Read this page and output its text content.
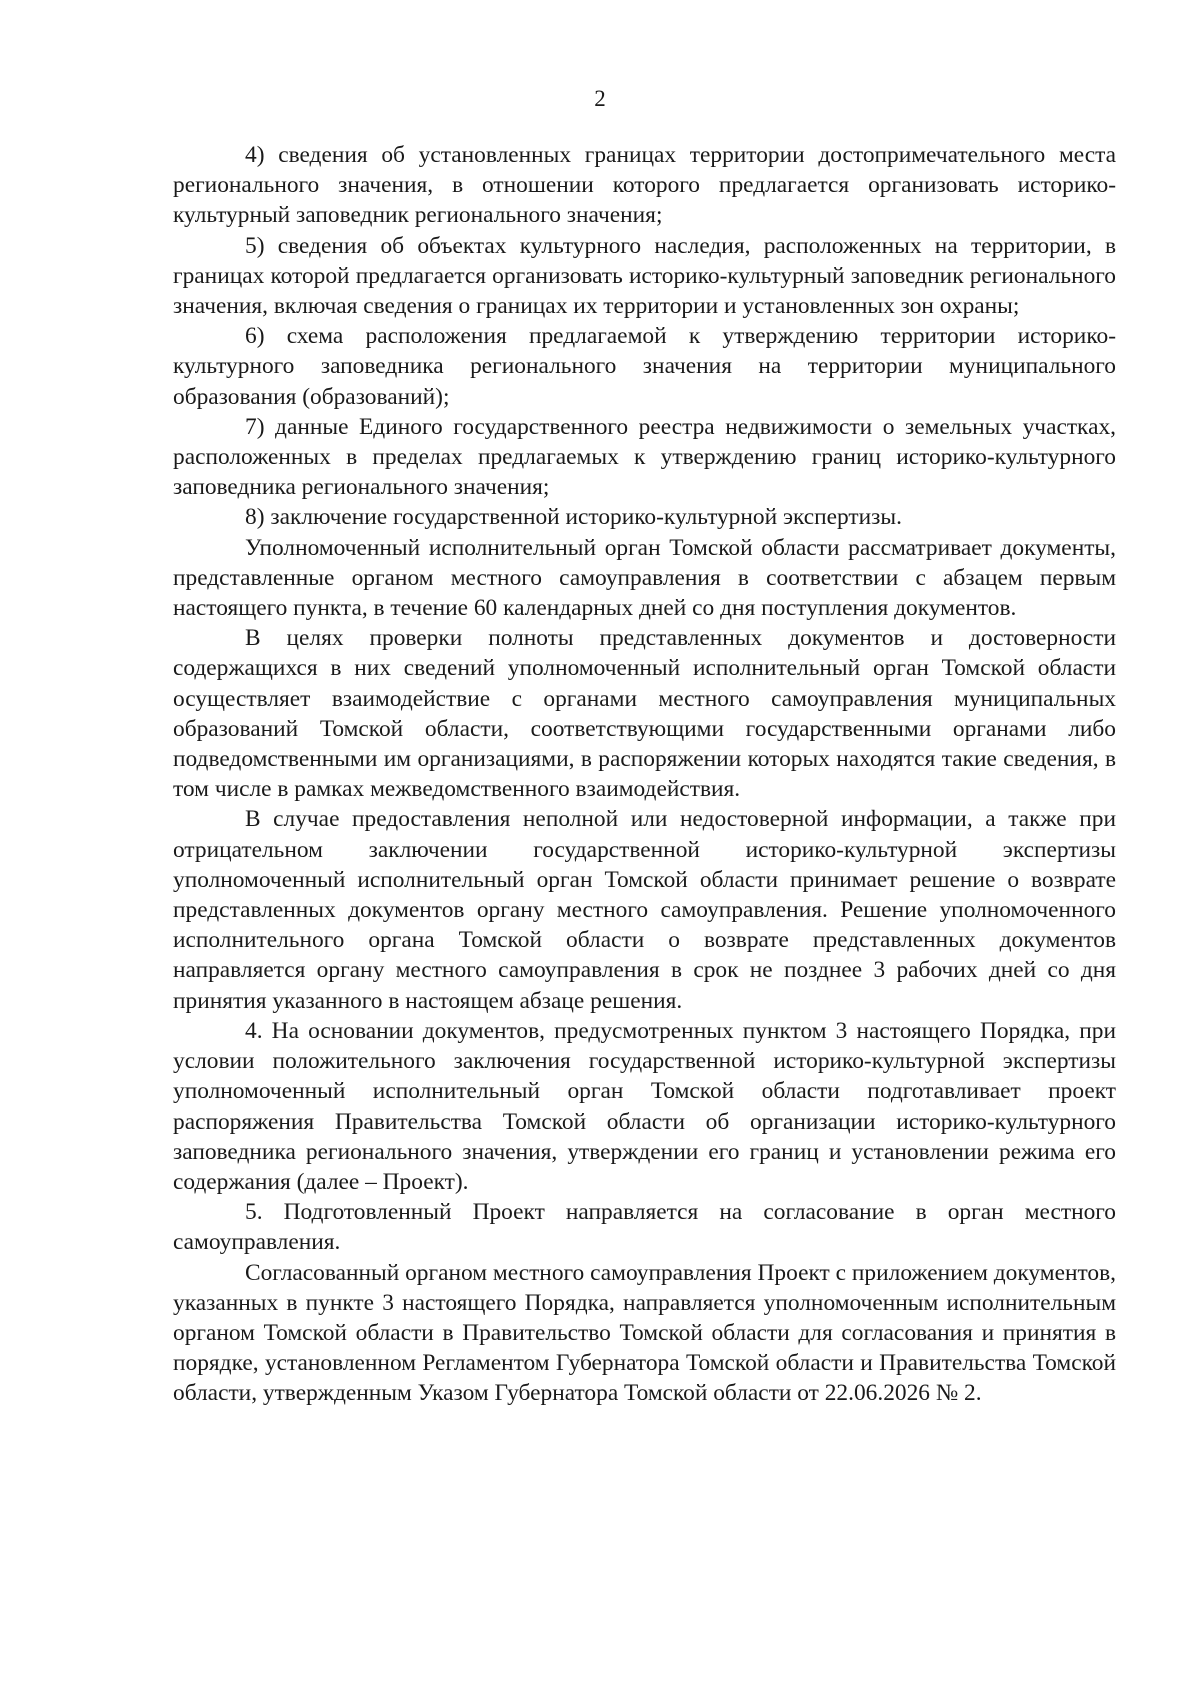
2

4) сведения об установленных границах территории достопримечательного места регионального значения, в отношении которого предлагается организовать историко-культурный заповедник регионального значения;

5) сведения об объектах культурного наследия, расположенных на территории, в границах которой предлагается организовать историко-культурный заповедник регионального значения, включая сведения о границах их территории и установленных зон охраны;

6) схема расположения предлагаемой к утверждению территории историко-культурного заповедника регионального значения на территории муниципального образования (образований);

7) данные Единого государственного реестра недвижимости о земельных участках, расположенных в пределах предлагаемых к утверждению границ историко-культурного заповедника регионального значения;

8) заключение государственной историко-культурной экспертизы.

Уполномоченный исполнительный орган Томской области рассматривает документы, представленные органом местного самоуправления в соответствии с абзацем первым настоящего пункта, в течение 60 календарных дней со дня поступления документов.

В целях проверки полноты представленных документов и достоверности содержащихся в них сведений уполномоченный исполнительный орган Томской области осуществляет взаимодействие с органами местного самоуправления муниципальных образований Томской области, соответствующими государственными органами либо подведомственными им организациями, в распоряжении которых находятся такие сведения, в том числе в рамках межведомственного взаимодействия.

В случае предоставления неполной или недостоверной информации, а также при отрицательном заключении государственной историко-культурной экспертизы уполномоченный исполнительный орган Томской области принимает решение о возврате представленных документов органу местного самоуправления. Решение уполномоченного исполнительного органа Томской области о возврате представленных документов направляется органу местного самоуправления в срок не позднее 3 рабочих дней со дня принятия указанного в настоящем абзаце решения.

4. На основании документов, предусмотренных пунктом 3 настоящего Порядка, при условии положительного заключения государственной историко-культурной экспертизы уполномоченный исполнительный орган Томской области подготавливает проект распоряжения Правительства Томской области об организации историко-культурного заповедника регионального значения, утверждении его границ и установлении режима его содержания (далее – Проект).

5. Подготовленный Проект направляется на согласование в орган местного самоуправления.

Согласованный органом местного самоуправления Проект с приложением документов, указанных в пункте 3 настоящего Порядка, направляется уполномоченным исполнительным органом Томской области в Правительство Томской области для согласования и принятия в порядке, установленном Регламентом Губернатора Томской области и Правительства Томской области, утвержденным Указом Губернатора Томской области от 22.06.2026 № 2.
